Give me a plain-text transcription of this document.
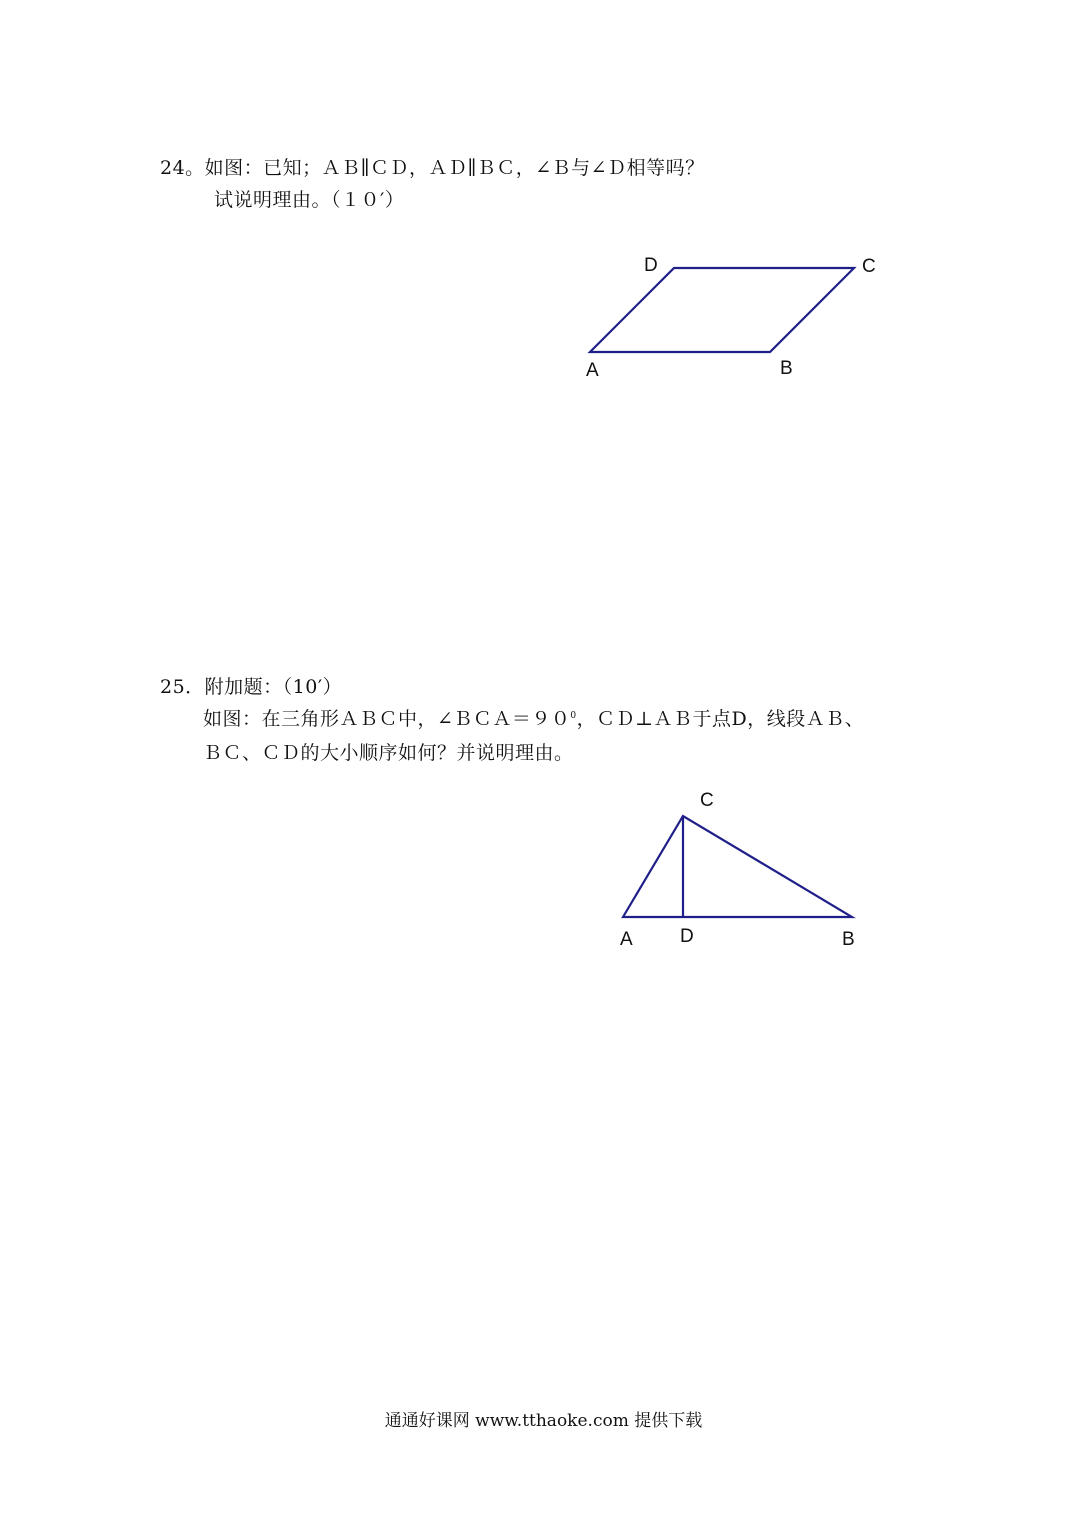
24。如图：已知；ＡＢ∥ＣＤ，ＡＤ∥ＢＣ，∠Ｂ与∠Ｄ相等吗？
试说明理由。（１０′）
D	C
A	B
25．附加题：（10′）
如图：在三角形ＡＢＣ中，$\angle BCA=90^0$，ＣＤ⊥ＡＢ于点D，线段ＡＢ、
ＢＣ、ＣＤ的大小顺序如何？并说明理由。
C
A D	B
通通好课网 www.tthaoke.com 提供下载
